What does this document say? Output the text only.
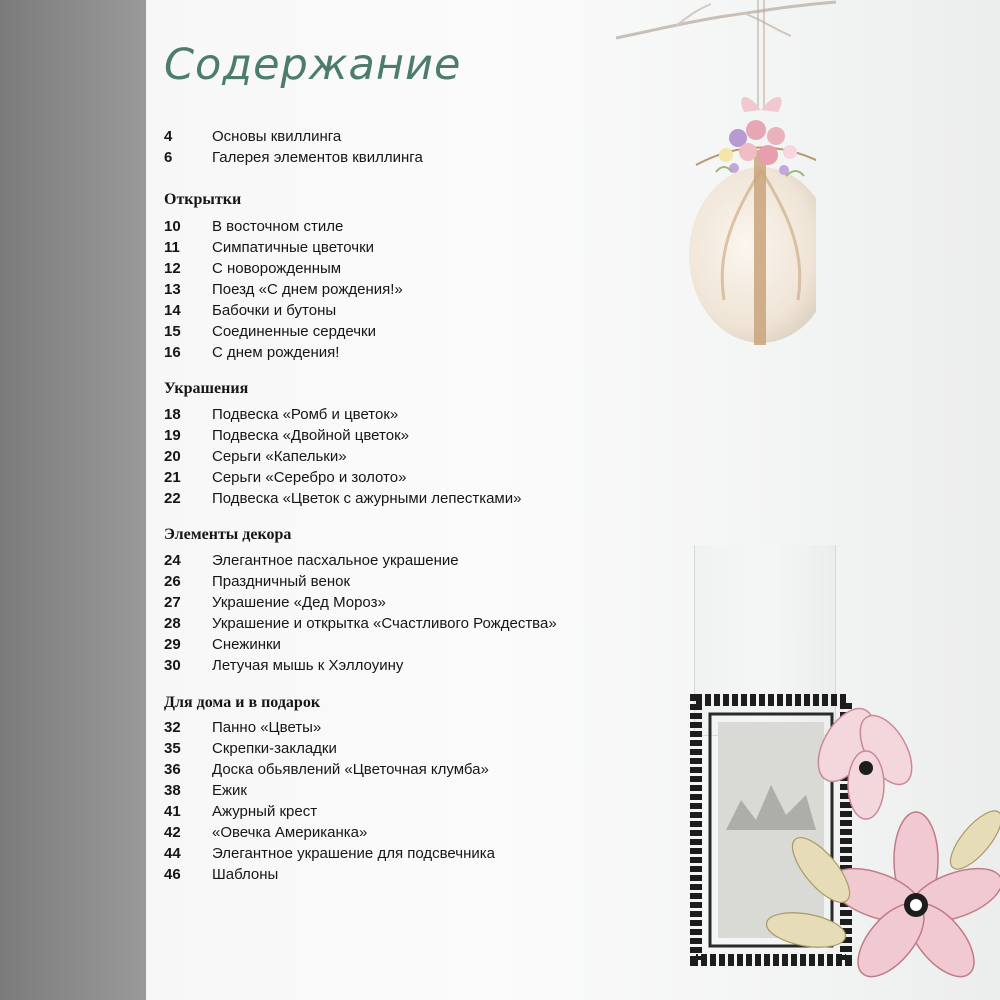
Содержание
4	Основы квиллинга
6	Галерея элементов квиллинга
Открытки
10 В восточном стиле
11 Симпатичные цветочки
12 С новорожденным
13 Поезд «С днем рождения!»
14 Бабочки и бутоны
15 Соединенные сердечки
16 С днем рождения!
Украшения
18 Подвеска «Ромб и цветок»
19 Подвеска «Двойной цветок»
20 Серьги «Капельки»
21 Серьги «Серебро и золото»
22 Подвеска «Цветок с ажурными лепестками»
Элементы декора
24 Элегантное пасхальное украшение
26 Праздничный венок
27 Украшение «Дед Мороз»
28 Украшение и открытка «Счастливого Рождества»
29 Снежинки
30 Летучая мышь к Хэллоуину
Для дома и в подарок
32 Панно «Цветы»
35 Скрепки-закладки
36 Доска обьявлений «Цветочная клумба»
38 Ежик
41 Ажурный крест
42 «Овечка Американка»
44 Элегантное украшение для подсвечника
46 Шаблоны
